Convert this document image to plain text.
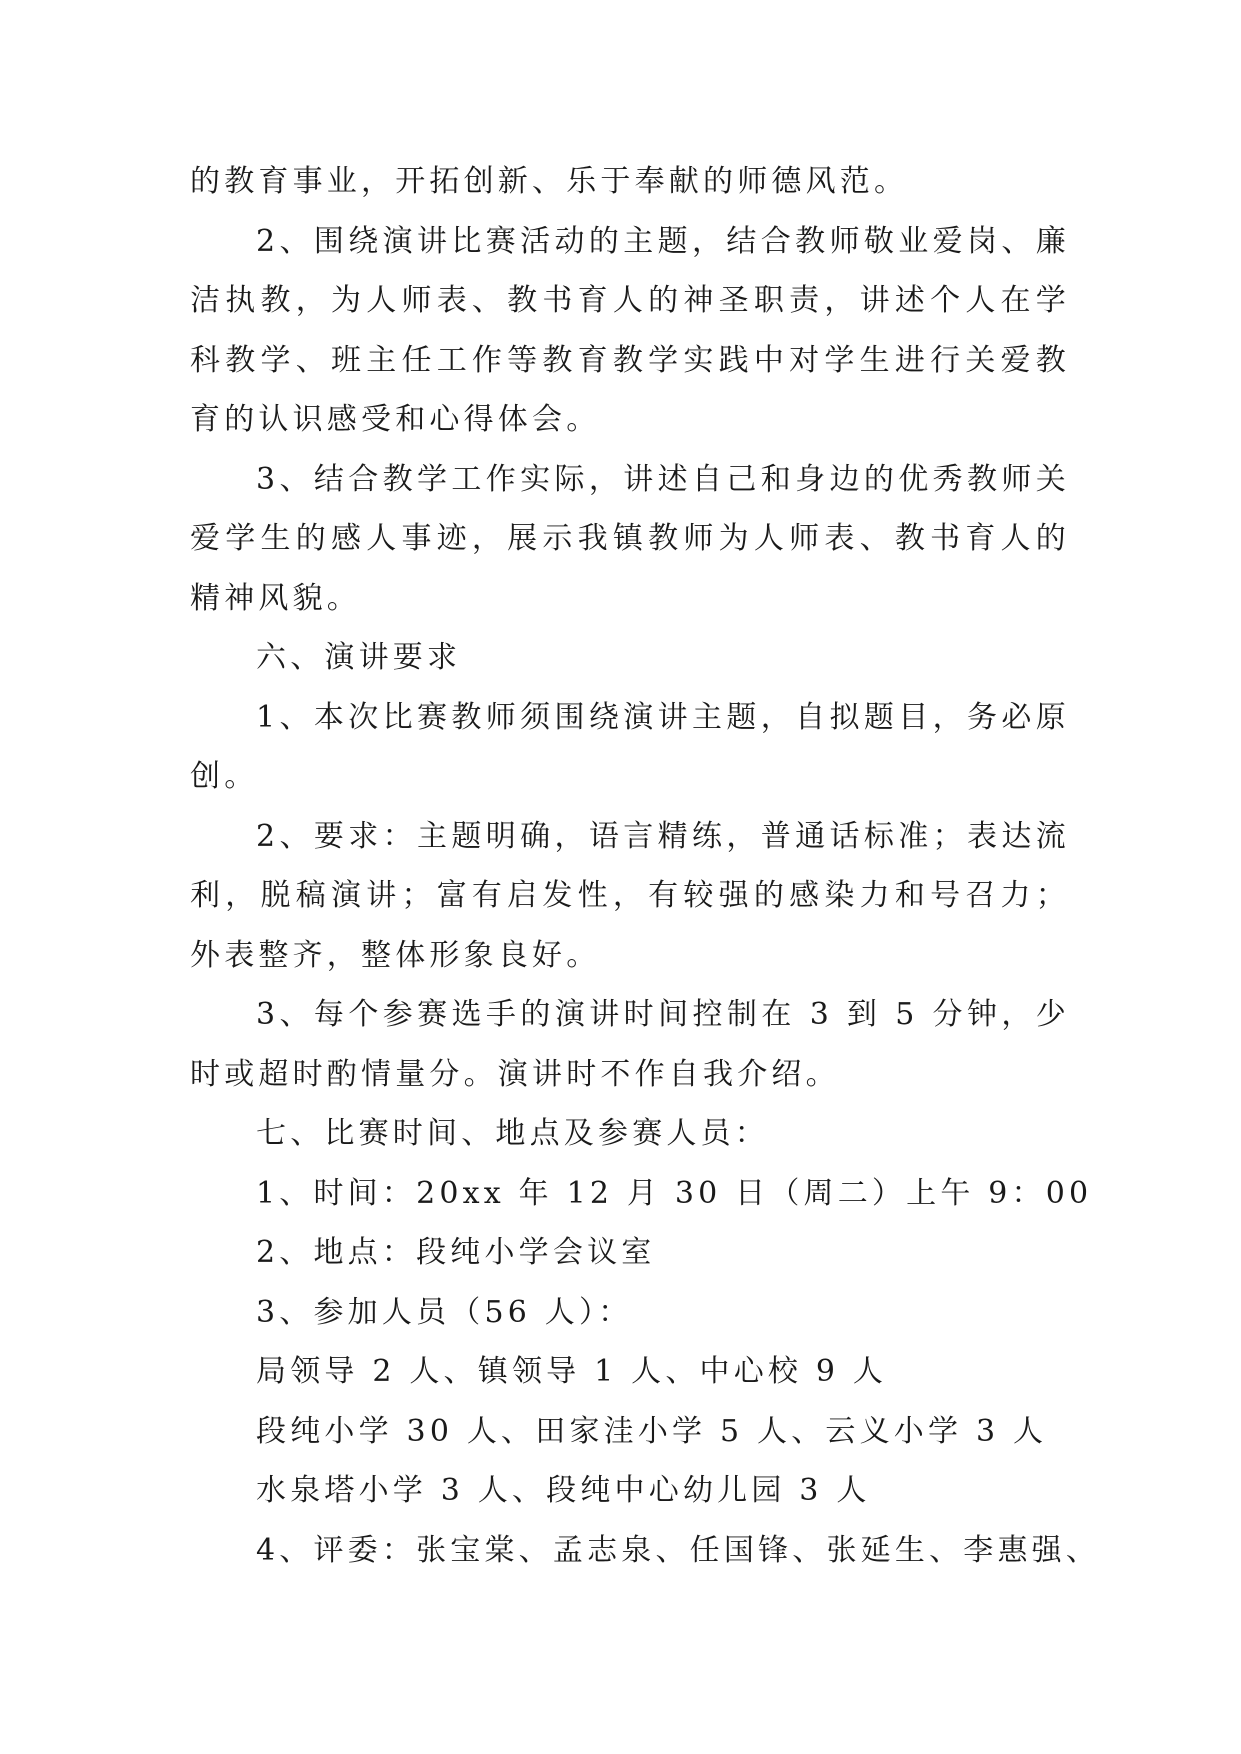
的教育事业，开拓创新、乐于奉献的师德风范。

2、围绕演讲比赛活动的主题，结合教师敬业爱岗、廉洁执教，为人师表、教书育人的神圣职责，讲述个人在学科教学、班主任工作等教育教学实践中对学生进行关爱教育的认识感受和心得体会。

3、结合教学工作实际，讲述自己和身边的优秀教师关爱学生的感人事迹，展示我镇教师为人师表、教书育人的精神风貌。

六、演讲要求

1、本次比赛教师须围绕演讲主题，自拟题目，务必原创。

2、要求：主题明确，语言精练，普通话标准；表达流利，脱稿演讲；富有启发性，有较强的感染力和号召力；外表整齐，整体形象良好。

3、每个参赛选手的演讲时间控制在 3 到 5 分钟，少时或超时酌情量分。演讲时不作自我介绍。

七、比赛时间、地点及参赛人员：

1、时间：20xx 年 12 月 30 日（周二）上午 9：00

2、地点：段纯小学会议室

3、参加人员（56 人）：

局领导 2 人、镇领导 1 人、中心校 9 人

段纯小学 30 人、田家洼小学 5 人、云义小学 3 人

水泉塔小学 3 人、段纯中心幼儿园 3 人

4、评委：张宝棠、孟志泉、任国锋、张延生、李惠强、
